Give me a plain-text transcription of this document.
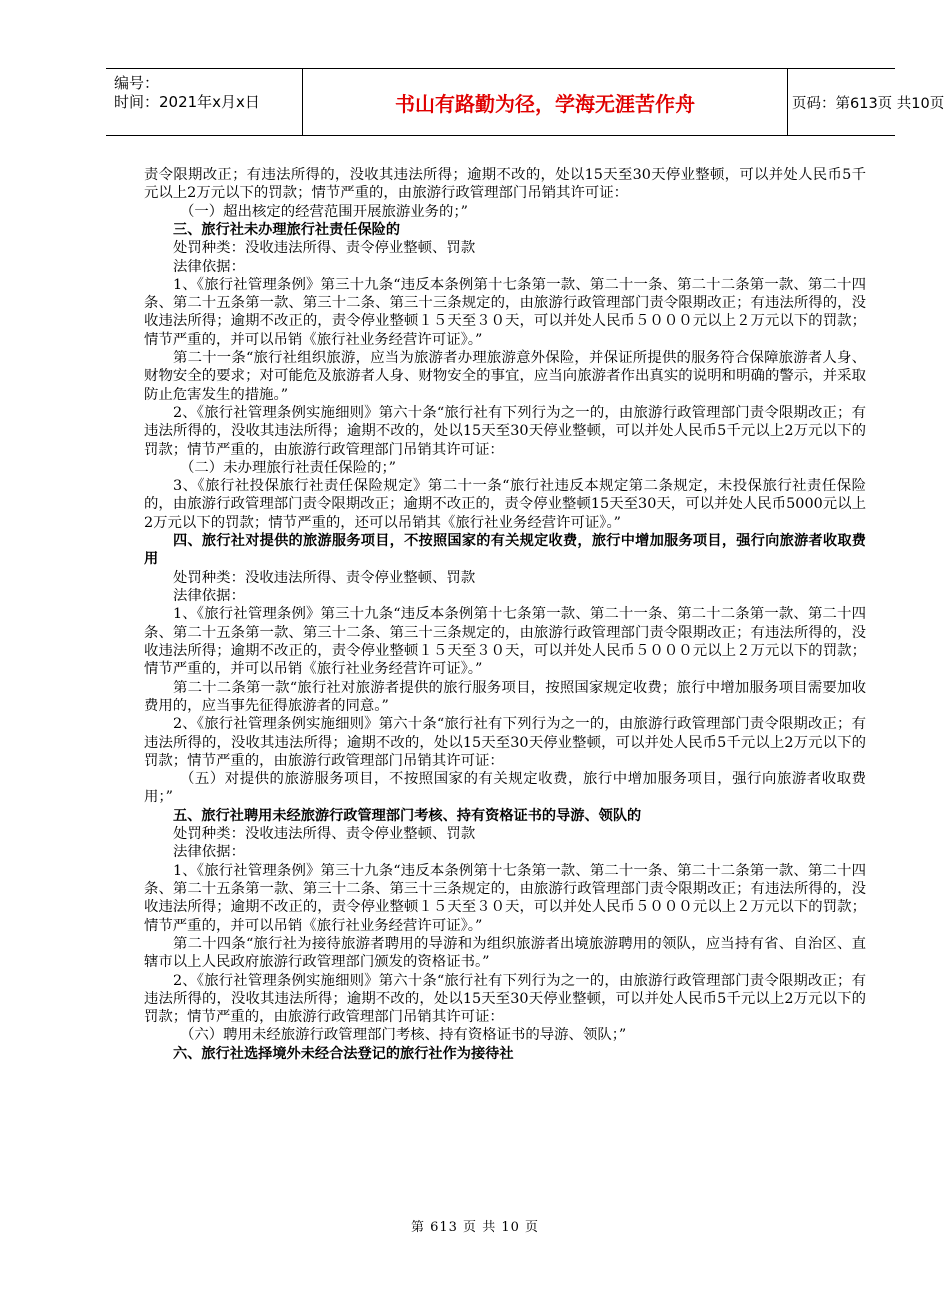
编号：
时间：2021年x月x日	书山有路勤为径，学海无涯苦作舟	页码：第613页 共10页

责令限期改正；有违法所得的，没收其违法所得；逾期不改的，处以15天至30天停业整顿，可以并处人民币5千元以上2万元以下的罚款；情节严重的，由旅游行政管理部门吊销其许可证：

（一）超出核定的经营范围开展旅游业务的；”

三、旅行社未办理旅行社责任保险的

处罚种类：没收违法所得、责令停业整顿、罚款

法律依据：

1、《旅行社管理条例》第三十九条“违反本条例第十七条第一款、第二十一条、第二十二条第一款、第二十四条、第二十五条第一款、第三十二条、第三十三条规定的，由旅游行政管理部门责令限期改正；有违法所得的，没收违法所得；逾期不改正的，责令停业整顿１５天至３０天，可以并处人民币５０００元以上２万元以下的罚款；情节严重的，并可以吊销《旅行社业务经营许可证》。”

第二十一条“旅行社组织旅游，应当为旅游者办理旅游意外保险，并保证所提供的服务符合保障旅游者人身、财物安全的要求；对可能危及旅游者人身、财物安全的事宜，应当向旅游者作出真实的说明和明确的警示，并采取防止危害发生的措施。”

2、《旅行社管理条例实施细则》第六十条“旅行社有下列行为之一的，由旅游行政管理部门责令限期改正；有违法所得的，没收其违法所得；逾期不改的，处以15天至30天停业整顿，可以并处人民币5千元以上2万元以下的罚款；情节严重的，由旅游行政管理部门吊销其许可证：

（二）未办理旅行社责任保险的；”

3、《旅行社投保旅行社责任保险规定》第二十一条“旅行社违反本规定第二条规定，未投保旅行社责任保险的，由旅游行政管理部门责令限期改正；逾期不改正的，责令停业整顿15天至30天，可以并处人民币5000元以上2万元以下的罚款；情节严重的，还可以吊销其《旅行社业务经营许可证》。”

四、旅行社对提供的旅游服务项目，不按照国家的有关规定收费，旅行中增加服务项目，强行向旅游者收取费用

处罚种类：没收违法所得、责令停业整顿、罚款

法律依据：

1、《旅行社管理条例》第三十九条“违反本条例第十七条第一款、第二十一条、第二十二条第一款、第二十四条、第二十五条第一款、第三十二条、第三十三条规定的，由旅游行政管理部门责令限期改正；有违法所得的，没收违法所得；逾期不改正的，责令停业整顿１５天至３０天，可以并处人民币５０００元以上２万元以下的罚款；情节严重的，并可以吊销《旅行社业务经营许可证》。”

第二十二条第一款“旅行社对旅游者提供的旅行服务项目，按照国家规定收费；旅行中增加服务项目需要加收费用的，应当事先征得旅游者的同意。”

2、《旅行社管理条例实施细则》第六十条“旅行社有下列行为之一的，由旅游行政管理部门责令限期改正；有违法所得的，没收其违法所得；逾期不改的，处以15天至30天停业整顿，可以并处人民币5千元以上2万元以下的罚款；情节严重的，由旅游行政管理部门吊销其许可证：

（五）对提供的旅游服务项目，不按照国家的有关规定收费，旅行中增加服务项目，强行向旅游者收取费用；”

五、旅行社聘用未经旅游行政管理部门考核、持有资格证书的导游、领队的

处罚种类：没收违法所得、责令停业整顿、罚款

法律依据：

1、《旅行社管理条例》第三十九条“违反本条例第十七条第一款、第二十一条、第二十二条第一款、第二十四条、第二十五条第一款、第三十二条、第三十三条规定的，由旅游行政管理部门责令限期改正；有违法所得的，没收违法所得；逾期不改正的，责令停业整顿１５天至３０天，可以并处人民币５０００元以上２万元以下的罚款；情节严重的，并可以吊销《旅行社业务经营许可证》。”

第二十四条“旅行社为接待旅游者聘用的导游和为组织旅游者出境旅游聘用的领队，应当持有省、自治区、直辖市以上人民政府旅游行政管理部门颁发的资格证书。”

2、《旅行社管理条例实施细则》第六十条“旅行社有下列行为之一的，由旅游行政管理部门责令限期改正；有违法所得的，没收其违法所得；逾期不改的，处以15天至30天停业整顿，可以并处人民币5千元以上2万元以下的罚款；情节严重的，由旅游行政管理部门吊销其许可证：

（六）聘用未经旅游行政管理部门考核、持有资格证书的导游、领队；”

六、旅行社选择境外未经合法登记的旅行社作为接待社

第 613 页 共 10 页
